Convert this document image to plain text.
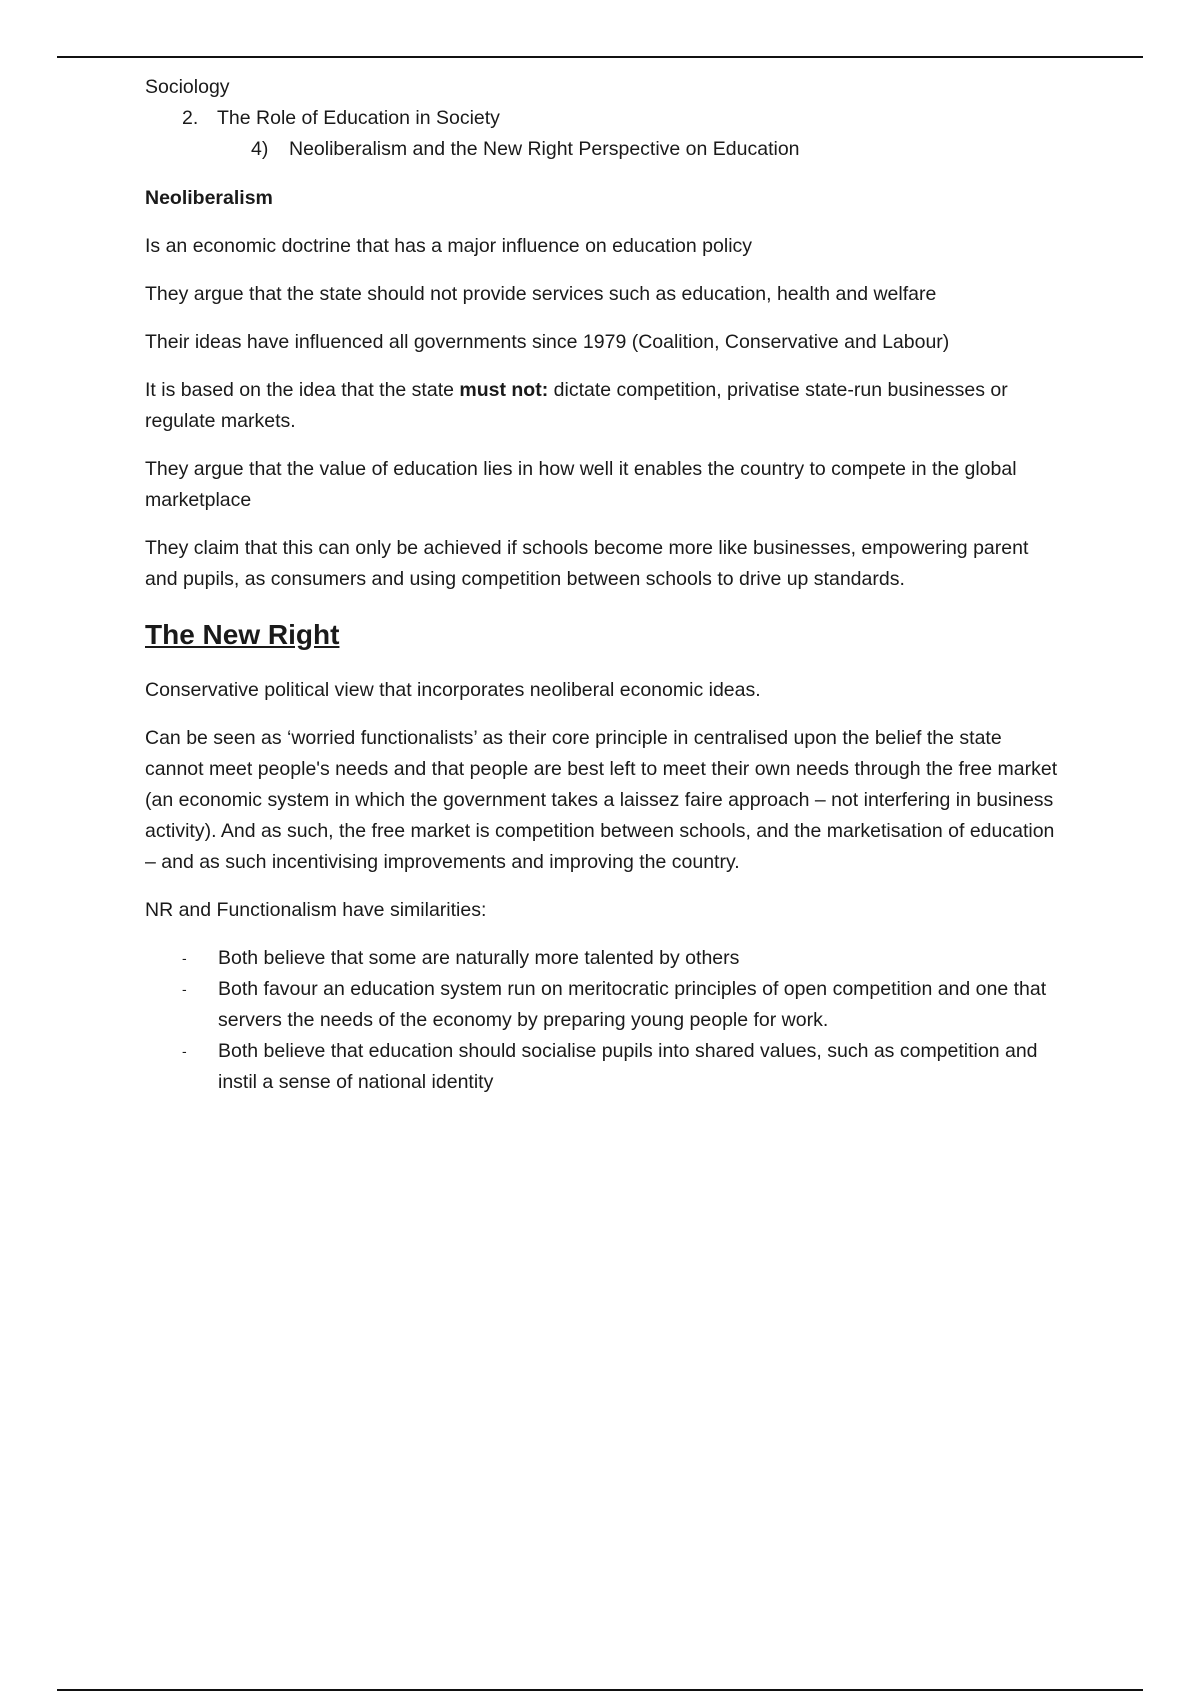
Sociology
2. The Role of Education in Society
4) Neoliberalism and the New Right Perspective on Education
Neoliberalism

Is an economic doctrine that has a major influence on education policy

They argue that the state should not provide services such as education, health and welfare

Their ideas have influenced all governments since 1979 (Coalition, Conservative and Labour)

It is based on the idea that the state must not: dictate competition, privatise state-run businesses or regulate markets.

They argue that the value of education lies in how well it enables the country to compete in the global marketplace

They claim that this can only be achieved if schools become more like businesses, empowering parent and pupils, as consumers and using competition between schools to drive up standards.

The New Right

Conservative political view that incorporates neoliberal economic ideas.

Can be seen as ‘worried functionalists’ as their core principle in centralised upon the belief the state cannot meet people's needs and that people are best left to meet their own needs through the free market (an economic system in which the government takes a laissez faire approach – not interfering in business activity). And as such, the free market is competition between schools, and the marketisation of education – and as such incentivising improvements and improving the country.

NR and Functionalism have similarities:

- Both believe that some are naturally more talented by others
- Both favour an education system run on meritocratic principles of open competition and one that servers the needs of the economy by preparing young people for work.
- Both believe that education should socialise pupils into shared values, such as competition and instil a sense of national identity
